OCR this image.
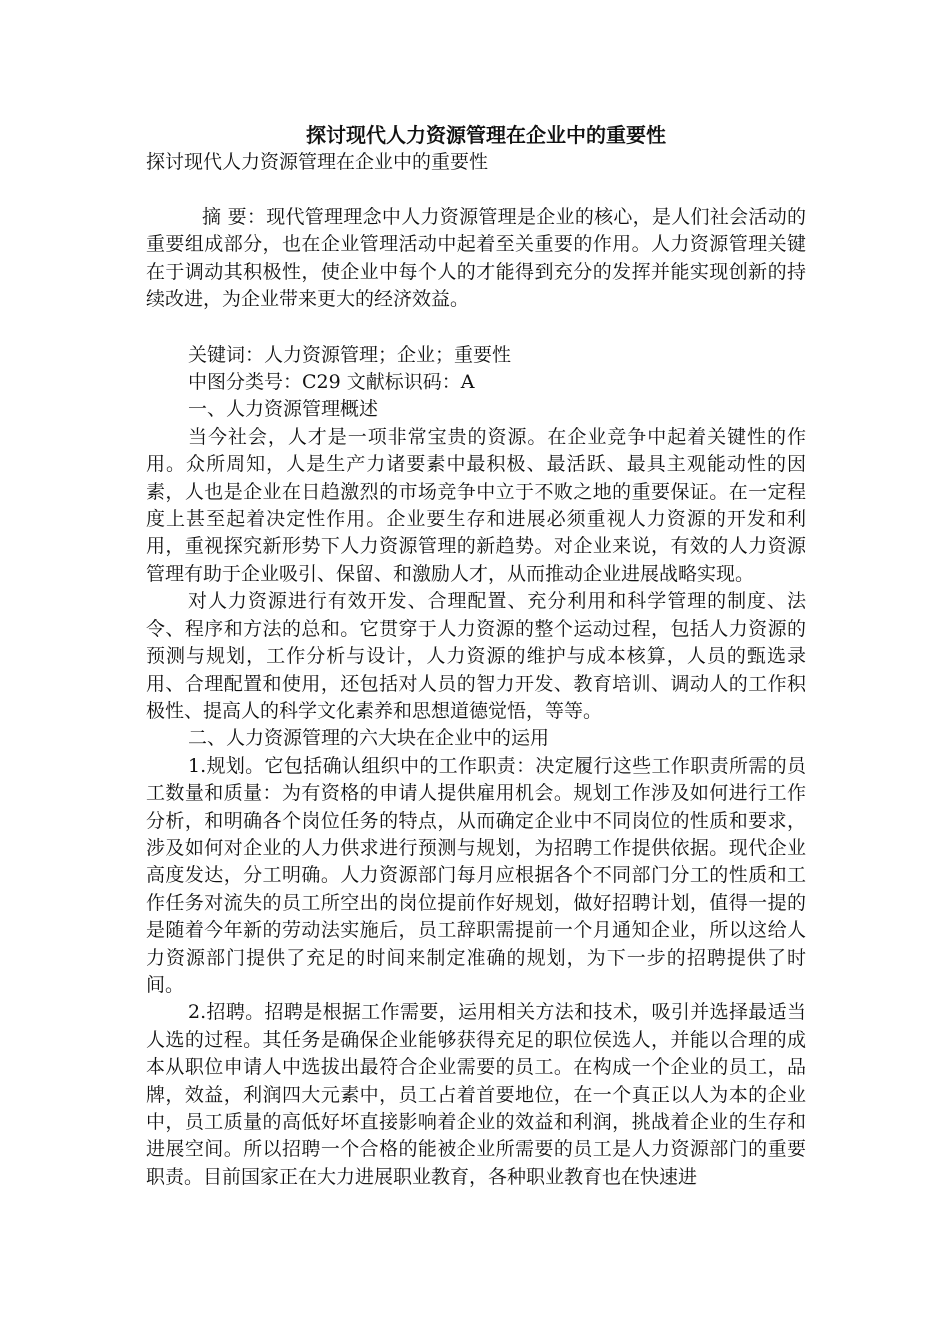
探讨现代人力资源管理在企业中的重要性

探讨现代人力资源管理在企业中的重要性

摘 要：现代管理理念中人力资源管理是企业的核心，是人们社会活动的重要组成部分，也在企业管理活动中起着至关重要的作用。人力资源管理关键在于调动其积极性，使企业中每个人的才能得到充分的发挥并能实现创新的持续改进，为企业带来更大的经济效益。

关键词：人力资源管理；企业；重要性

中图分类号：C29 文献标识码：A

一、人力资源管理概述

当今社会，人才是一项非常宝贵的资源。在企业竞争中起着关键性的作用。众所周知，人是生产力诸要素中最积极、最活跃、最具主观能动性的因素，人也是企业在日趋激烈的市场竞争中立于不败之地的重要保证。在一定程度上甚至起着决定性作用。企业要生存和进展必须重视人力资源的开发和利用，重视探究新形势下人力资源管理的新趋势。对企业来说，有效的人力资源管理有助于企业吸引、保留、和激励人才，从而推动企业进展战略实现。

对人力资源进行有效开发、合理配置、充分利用和科学管理的制度、法令、程序和方法的总和。它贯穿于人力资源的整个运动过程，包括人力资源的预测与规划，工作分析与设计，人力资源的维护与成本核算，人员的甄选录用、合理配置和使用，还包括对人员的智力开发、教育培训、调动人的工作积极性、提高人的科学文化素养和思想道德觉悟，等等。

二、人力资源管理的六大块在企业中的运用

1.规划。它包括确认组织中的工作职责：决定履行这些工作职责所需的员工数量和质量：为有资格的申请人提供雇用机会。规划工作涉及如何进行工作分析，和明确各个岗位任务的特点，从而确定企业中不同岗位的性质和要求，涉及如何对企业的人力供求进行预测与规划，为招聘工作提供依据。现代企业高度发达，分工明确。人力资源部门每月应根据各个不同部门分工的性质和工作任务对流失的员工所空出的岗位提前作好规划，做好招聘计划，值得一提的是随着今年新的劳动法实施后，员工辞职需提前一个月通知企业，所以这给人力资源部门提供了充足的时间来制定准确的规划，为下一步的招聘提供了时间。

2.招聘。招聘是根据工作需要，运用相关方法和技术，吸引并选择最适当人选的过程。其任务是确保企业能够获得充足的职位侯选人，并能以合理的成本从职位申请人中选拔出最符合企业需要的员工。在构成一个企业的员工，品牌，效益，利润四大元素中，员工占着首要地位，在一个真正以人为本的企业中，员工质量的高低好坏直接影响着企业的效益和利润，挑战着企业的生存和进展空间。所以招聘一个合格的能被企业所需要的员工是人力资源部门的重要职责。目前国家正在大力进展职业教育，各种职业教育也在快速进
